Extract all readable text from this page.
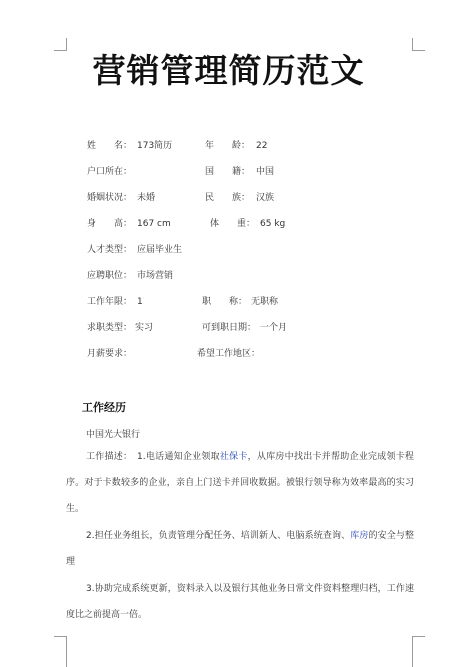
营销管理简历范文
姓　　名： 173简历	年　　龄： 22
户口所在：	国　　籍： 中国
婚姻状况： 未婚	民　　族： 汉族
身　　高： 167 cm	体　　重： 65 kg
人才类型： 应届毕业生
应聘职位： 市场营销
工作年限： 1	职　　称： 无职称
求职类型： 实习	可到职日期： 一个月
月薪要求：	希望工作地区：
工作经历
中国光大银行
工作描述：　1.电话通知企业领取社保卡，从库房中找出卡并帮助企业完成领卡程序。对于卡数较多的企业，亲自上门送卡并回收数据。被银行领导称为效率最高的实习生。
2.担任业务组长，负责管理分配任务、培训新人、电脑系统查询、库房的安全与整理
3.协助完成系统更新，资料录入以及银行其他业务日常文件资料整理归档，工作速度比之前提高一倍。
